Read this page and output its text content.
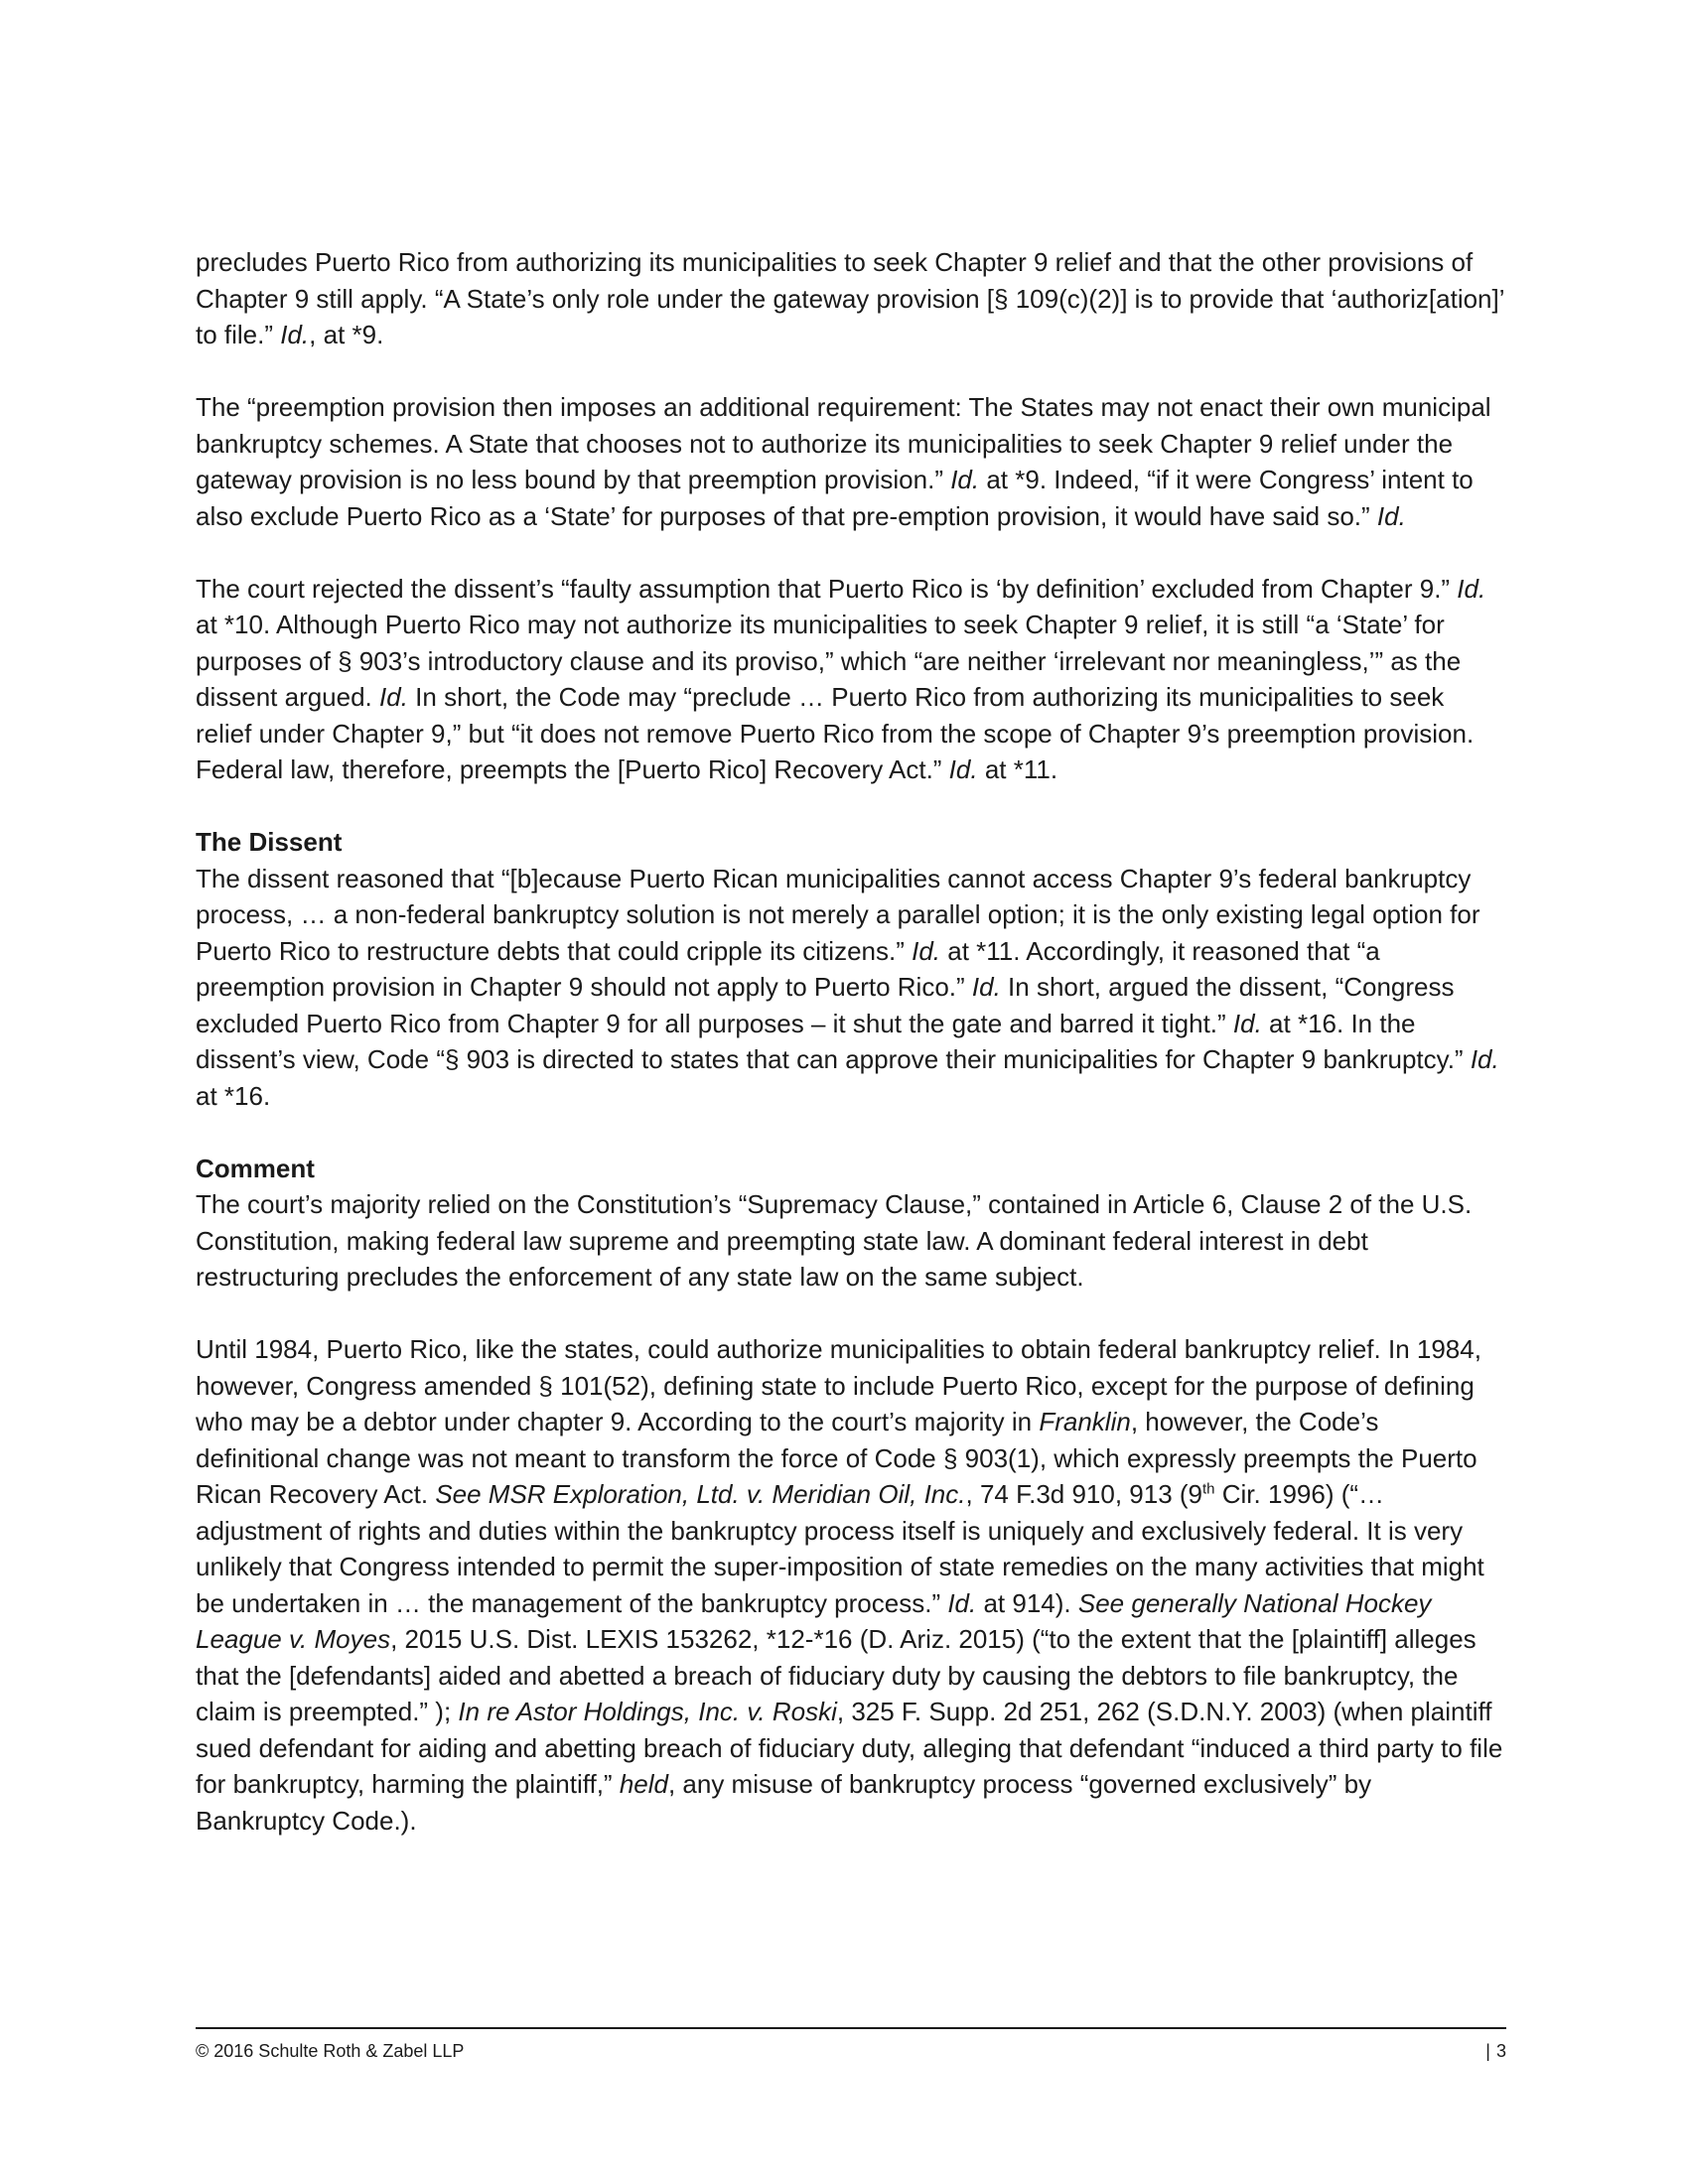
precludes Puerto Rico from authorizing its municipalities to seek Chapter 9 relief and that the other provisions of Chapter 9 still apply. “A State’s only role under the gateway provision [§ 109(c)(2)] is to provide that ‘authoriz[ation]’ to file.” Id., at *9.

The “preemption provision then imposes an additional requirement: The States may not enact their own municipal bankruptcy schemes. A State that chooses not to authorize its municipalities to seek Chapter 9 relief under the gateway provision is no less bound by that preemption provision.” Id. at *9. Indeed, “if it were Congress’ intent to also exclude Puerto Rico as a ‘State’ for purposes of that pre-emption provision, it would have said so.” Id.

The court rejected the dissent’s “faulty assumption that Puerto Rico is ‘by definition’ excluded from Chapter 9.” Id. at *10. Although Puerto Rico may not authorize its municipalities to seek Chapter 9 relief, it is still “a ‘State’ for purposes of § 903’s introductory clause and its proviso,” which “are neither ‘irrelevant nor meaningless,’” as the dissent argued. Id. In short, the Code may “preclude … Puerto Rico from authorizing its municipalities to seek relief under Chapter 9,” but “it does not remove Puerto Rico from the scope of Chapter 9’s preemption provision. Federal law, therefore, preempts the [Puerto Rico] Recovery Act.” Id. at *11.

The Dissent

The dissent reasoned that “[b]ecause Puerto Rican municipalities cannot access Chapter 9’s federal bankruptcy process, … a non-federal bankruptcy solution is not merely a parallel option; it is the only existing legal option for Puerto Rico to restructure debts that could cripple its citizens.” Id. at *11. Accordingly, it reasoned that “a preemption provision in Chapter 9 should not apply to Puerto Rico.” Id. In short, argued the dissent, “Congress excluded Puerto Rico from Chapter 9 for all purposes – it shut the gate and barred it tight.” Id. at *16. In the dissent’s view, Code “§ 903 is directed to states that can approve their municipalities for Chapter 9 bankruptcy.” Id. at *16.

Comment

The court’s majority relied on the Constitution’s “Supremacy Clause,” contained in Article 6, Clause 2 of the U.S. Constitution, making federal law supreme and preempting state law. A dominant federal interest in debt restructuring precludes the enforcement of any state law on the same subject.

Until 1984, Puerto Rico, like the states, could authorize municipalities to obtain federal bankruptcy relief. In 1984, however, Congress amended § 101(52), defining state to include Puerto Rico, except for the purpose of defining who may be a debtor under chapter 9. According to the court’s majority in Franklin, however, the Code’s definitional change was not meant to transform the force of Code § 903(1), which expressly preempts the Puerto Rican Recovery Act. See MSR Exploration, Ltd. v. Meridian Oil, Inc., 74 F.3d 910, 913 (9th Cir. 1996) (“… adjustment of rights and duties within the bankruptcy process itself is uniquely and exclusively federal. It is very unlikely that Congress intended to permit the super-imposition of state remedies on the many activities that might be undertaken in … the management of the bankruptcy process.” Id. at 914). See generally National Hockey League v. Moyes, 2015 U.S. Dist. LEXIS 153262, *12-*16 (D. Ariz. 2015) (“to the extent that the [plaintiff] alleges that the [defendants] aided and abetted a breach of fiduciary duty by causing the debtors to file bankruptcy, the claim is preempted.” ); In re Astor Holdings, Inc. v. Roski, 325 F. Supp. 2d 251, 262 (S.D.N.Y. 2003) (when plaintiff sued defendant for aiding and abetting breach of fiduciary duty, alleging that defendant “induced a third party to file for bankruptcy, harming the plaintiff,” held, any misuse of bankruptcy process “governed exclusively” by Bankruptcy Code.).

© 2016 Schulte Roth & Zabel LLP	| 3
